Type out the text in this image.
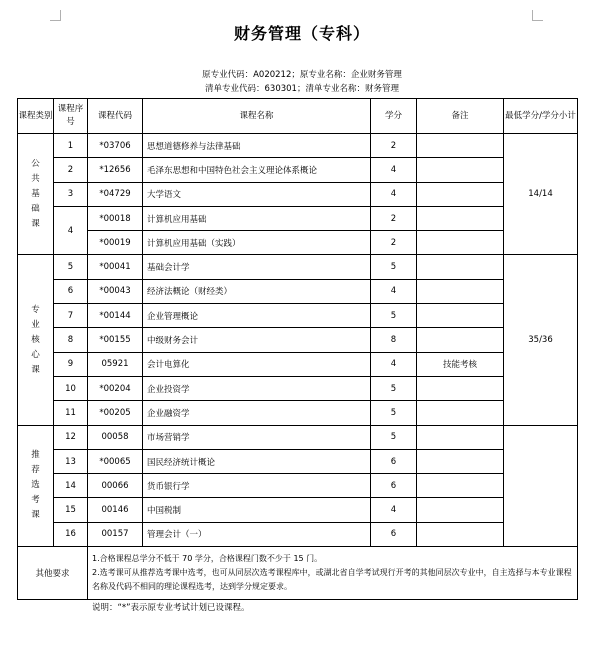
财务管理（专科）
原专业代码：A020212；原专业名称：企业财务管理
清单专业代码：630301；清单专业名称：财务管理
课程类别	课程序号	课程代码	课程名称	学分	备注	最低学分/学分小计
公
共
基
础
课	1	*03706	思想道德修养与法律基础	2		14/14
	2	*12656	毛泽东思想和中国特色社会主义理论体系概论	4		
	3	*04729	大学语文	4		
	4	*00018	计算机应用基础	2		
		*00019	计算机应用基础（实践）	2		
专
业
核
心
课	5	*00041	基础会计学	5		35/36
	6	*00043	经济法概论（财经类）	4		
	7	*00144	企业管理概论	5		
	8	*00155	中级财务会计	8		
	9	05921	会计电算化	4	技能考核	
	10	*00204	企业投资学	5		
	11	*00205	企业融资学	5		
推
荐
选
考
课	12	00058	市场营销学	5		
	13	*00065	国民经济统计概论	6		
	14	00066	货币银行学	6		
	15	00146	中国税制	4		
	16	00157	管理会计（一）	6		
其他要求		1.合格课程总学分不低于 70 学分，合格课程门数不少于 15 门。
2.选考课可从推荐选考课中选考，也可从同层次选考课程库中，或湖北省自学考试现行开考的其他同层次专业中，自主选择与本专业课程名称及代码不相同的理论课程选考，达到学分规定要求。				
说明：“*”表示原专业考试计划已设课程。
